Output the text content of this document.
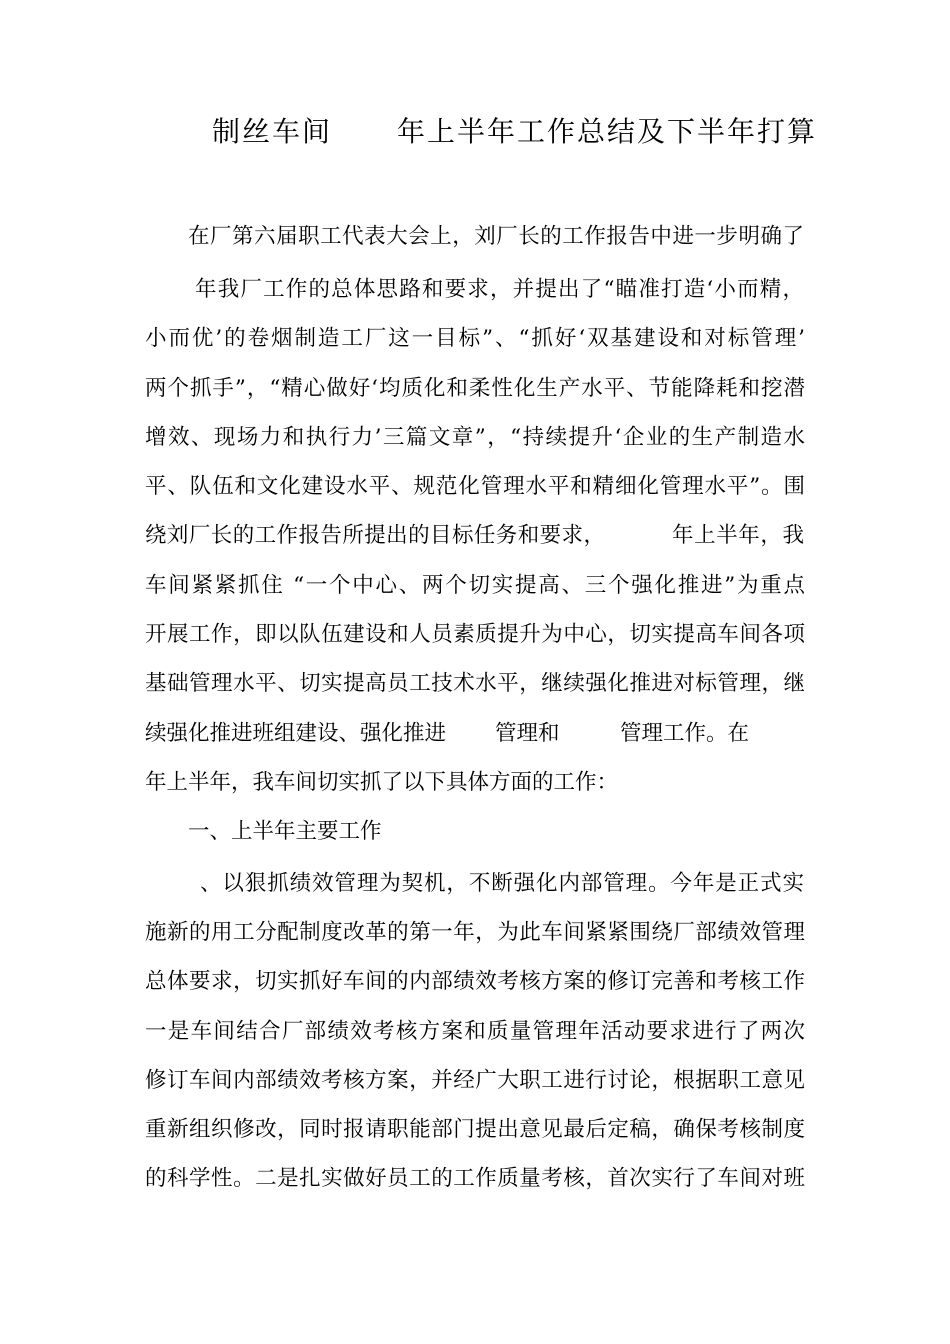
制丝车间 年上半年工作总结及下半年打算
在厂第六届职工代表大会上，刘厂长的工作报告中进一步明确了
年我厂工作的总体思路和要求，并提出了“瞄准打造‘小而精，
小而优’的卷烟制造工厂这一目标”、“抓好‘双基建设和对标管理’
两个抓手”，“精心做好‘均质化和柔性化生产水平、节能降耗和挖潜
增效、现场力和执行力’三篇文章”，“持续提升‘企业的生产制造水
平、队伍和文化建设水平、规范化管理水平和精细化管理水平”。围
绕刘厂长的工作报告所提出的目标任务和要求，	年上半年，我
车间紧紧抓住 “一个中心、两个切实提高、三个强化推进”为重点
开展工作，即以队伍建设和人员素质提升为中心，切实提高车间各项
基础管理水平、切实提高员工技术水平，继续强化推进对标管理，继
续强化推进班组建设、强化推进 管理和	管理工作。在
年上半年，我车间切实抓了以下具体方面的工作：
一、上半年主要工作
、以狠抓绩效管理为契机，不断强化内部管理。今年是正式实
施新的用工分配制度改革的第一年，为此车间紧紧围绕厂部绩效管理
总体要求，切实抓好车间的内部绩效考核方案的修订完善和考核工作
一是车间结合厂部绩效考核方案和质量管理年活动要求进行了两次
修订车间内部绩效考核方案，并经广大职工进行讨论，根据职工意见
重新组织修改，同时报请职能部门提出意见最后定稿，确保考核制度
的科学性。二是扎实做好员工的工作质量考核，首次实行了车间对班
